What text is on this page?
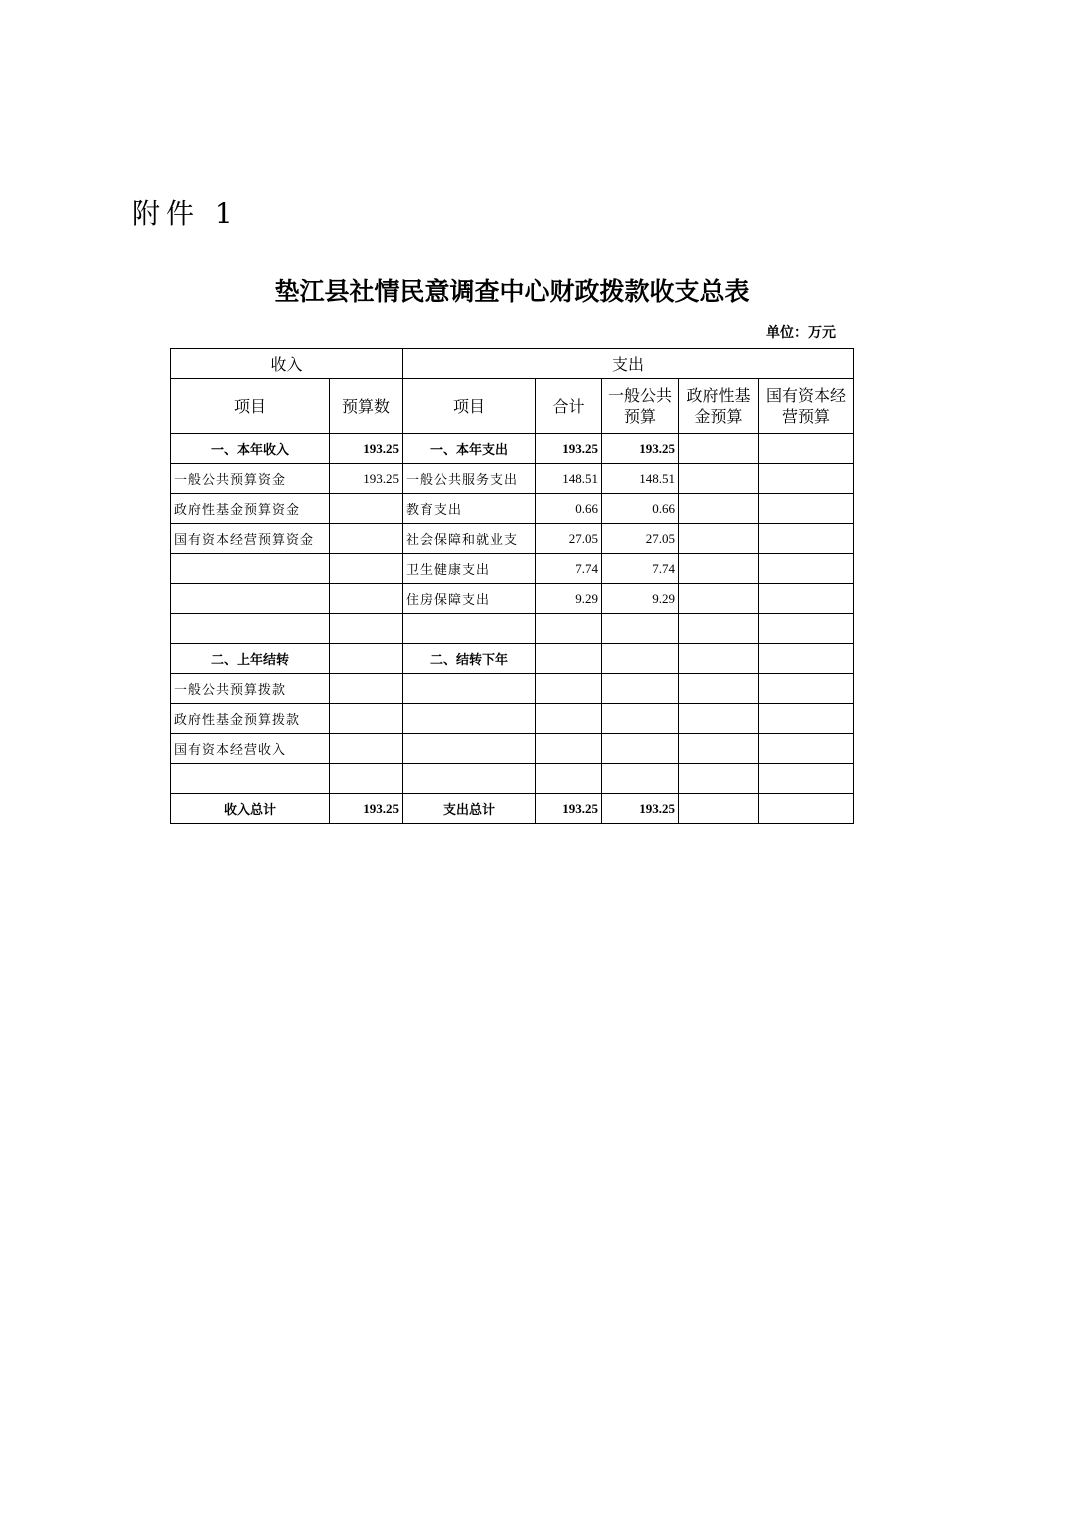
附件 1
垫江县社情民意调查中心财政拨款收支总表
单位：万元
收入		支出				
项目	预算数	项目	合计	一般公共预算	政府性基金预算	国有资本经营预算
一、本年收入	193.25	一、本年支出	193.25	193.25		
一般公共预算资金	193.25	一般公共服务支出	148.51	148.51		
政府性基金预算资金		教育支出	0.66	0.66		
国有资本经营预算资金		社会保障和就业支	27.05	27.05		
		卫生健康支出	7.74	7.74		
		住房保障支出	9.29	9.29		

二、上年结转		二、结转下年				
一般公共预算拨款						
政府性基金预算拨款						
国有资本经营收入						

收入总计	193.25	支出总计	193.25	193.25		
